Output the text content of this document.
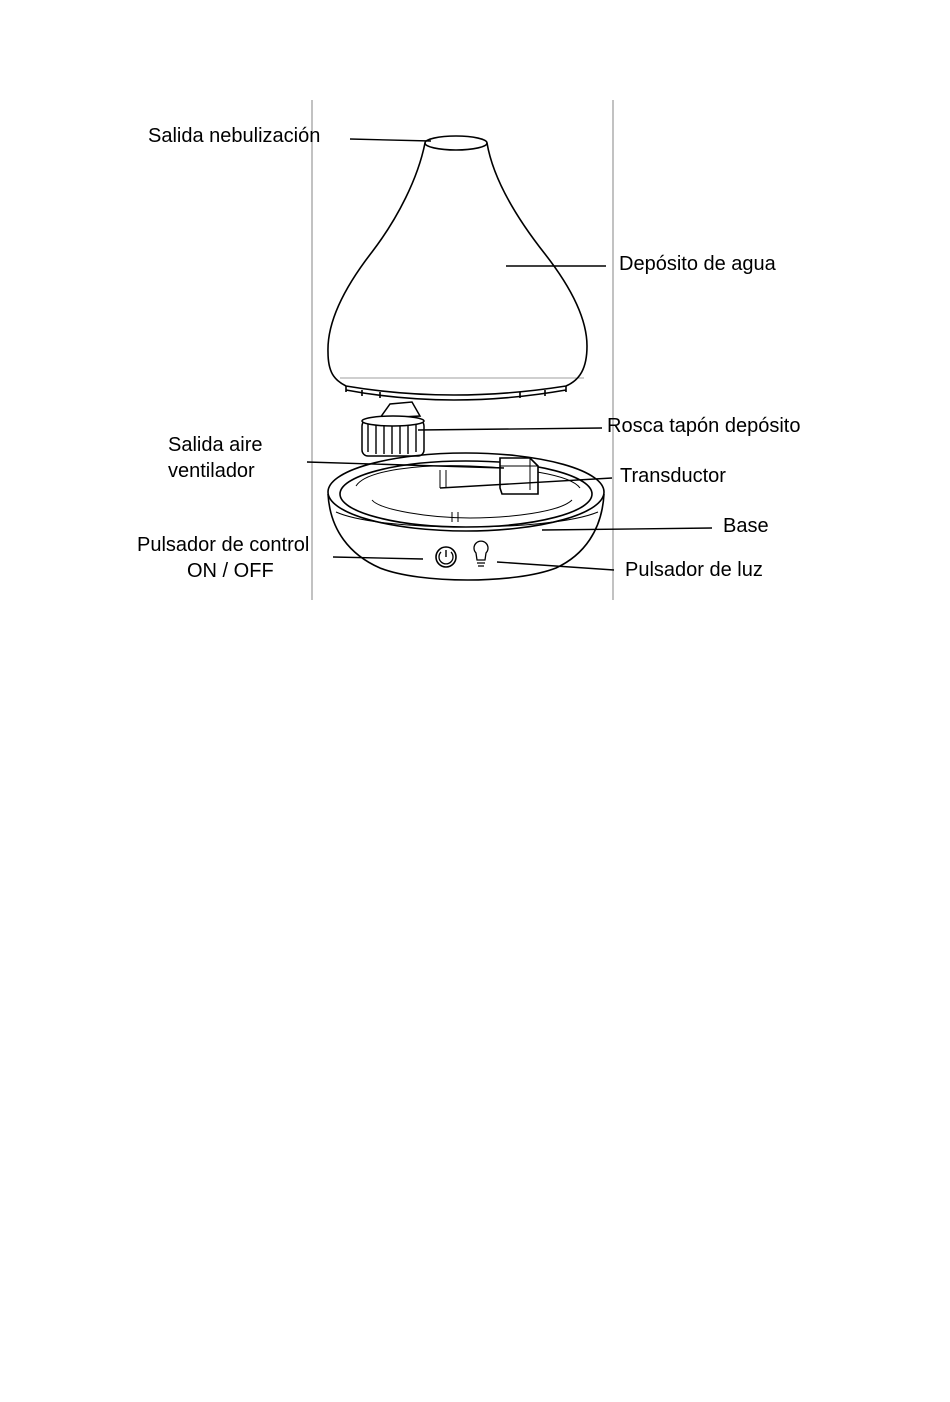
Salida nebulización
Depósito de agua
Rosca tapón depósito
Salida aire
ventilador	Transductor
Base
Pulsador de control
ON / OFF	Pulsador de luz
